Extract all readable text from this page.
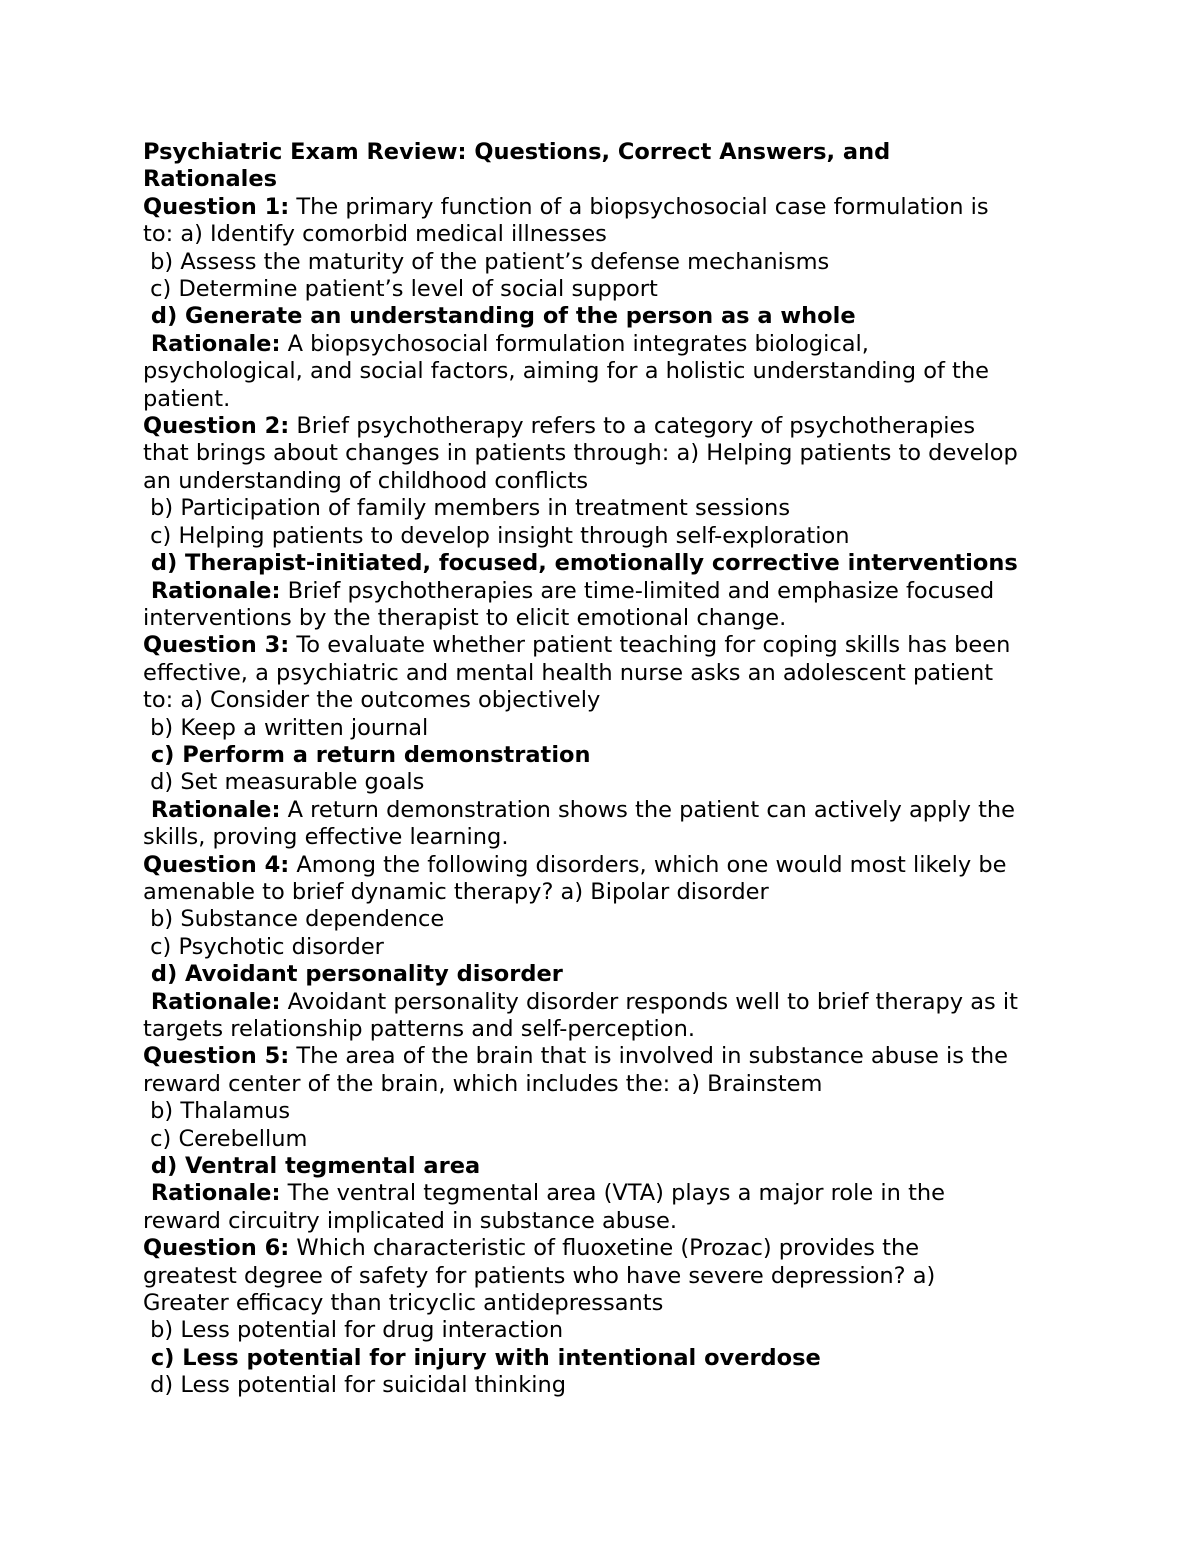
Psychiatric Exam Review: Questions, Correct Answers, and
Rationales
Question 1: The primary function of a biopsychosocial case formulation is
to: a) Identify comorbid medical illnesses
b) Assess the maturity of the patient’s defense mechanisms
c) Determine patient’s level of social support
d) Generate an understanding of the person as a whole
Rationale: A biopsychosocial formulation integrates biological,
psychological, and social factors, aiming for a holistic understanding of the
patient.
Question 2: Brief psychotherapy refers to a category of psychotherapies
that brings about changes in patients through: a) Helping patients to develop
an understanding of childhood conflicts
b) Participation of family members in treatment sessions
c) Helping patients to develop insight through self-exploration
d) Therapist-initiated, focused, emotionally corrective interventions
Rationale: Brief psychotherapies are time-limited and emphasize focused
interventions by the therapist to elicit emotional change.
Question 3: To evaluate whether patient teaching for coping skills has been
effective, a psychiatric and mental health nurse asks an adolescent patient
to: a) Consider the outcomes objectively
b) Keep a written journal
c) Perform a return demonstration
d) Set measurable goals
Rationale: A return demonstration shows the patient can actively apply the
skills, proving effective learning.
Question 4: Among the following disorders, which one would most likely be
amenable to brief dynamic therapy? a) Bipolar disorder
b) Substance dependence
c) Psychotic disorder
d) Avoidant personality disorder
Rationale: Avoidant personality disorder responds well to brief therapy as it
targets relationship patterns and self-perception.
Question 5: The area of the brain that is involved in substance abuse is the
reward center of the brain, which includes the: a) Brainstem
b) Thalamus
c) Cerebellum
d) Ventral tegmental area
Rationale: The ventral tegmental area (VTA) plays a major role in the
reward circuitry implicated in substance abuse.
Question 6: Which characteristic of fluoxetine (Prozac) provides the
greatest degree of safety for patients who have severe depression? a)
Greater efficacy than tricyclic antidepressants
b) Less potential for drug interaction
c) Less potential for injury with intentional overdose
d) Less potential for suicidal thinking
